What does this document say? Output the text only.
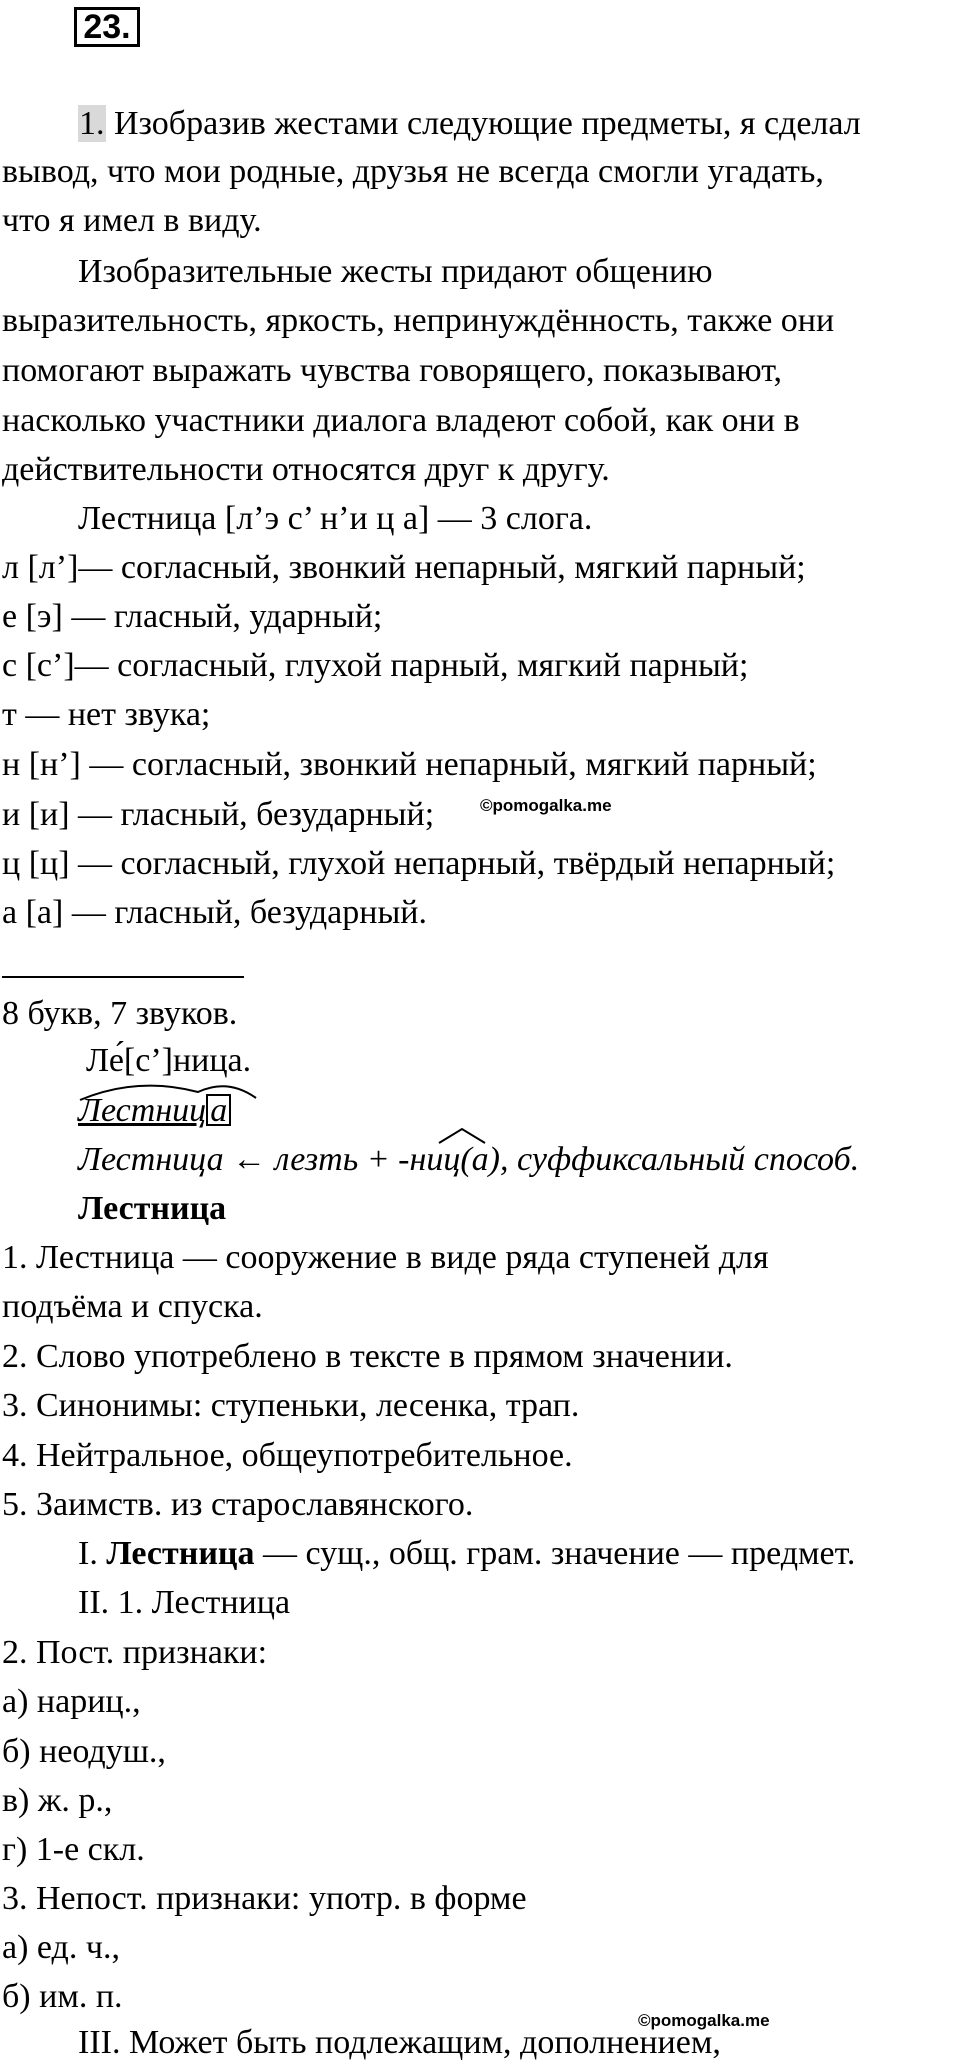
23.
1. Изобразив жестами следующие предметы, я сделал
вывод, что мои родные, друзья не всегда смогли угадать,
что я имел в виду.
Изобразительные жесты придают общению
выразительность, яркость, непринуждённость, также они
помогают выражать чувства говорящего, показывают,
насколько участники диалога владеют собой, как они в
действительности относятся друг к другу.
Лестница [л’э с’ н’и ц а] — 3 слога.
л [л’]— согласный, звонкий непарный, мягкий парный;
е [э] — гласный, ударный;
с [с’]— согласный, глухой парный, мягкий парный;
т — нет звука;
н [н’] — согласный, звонкий непарный, мягкий парный;
и [и] — гласный, безударный;	©pomogalka.me
ц [ц] — согласный, глухой непарный, твёрдый непарный;
а [а] — гласный, безударный.
8 букв, 7 звуков.
Ле́[с’]ница.
Лестниц а
Лестница ← лезть + -ниц(а), суффиксальный способ.
Лестница
1. Лестница — сооружение в виде ряда ступеней для
подъёма и спуска.
2. Слово употреблено в тексте в прямом значении.
3. Синонимы: ступеньки, лесенка, трап.
4. Нейтральное, общеупотребительное.
5. Заимств. из старославянского.
I. Лестница — сущ., общ. грам. значение — предмет.
II. 1. Лестница
2. Пост. признаки:
а) нариц.,
б) неодуш.,
в) ж. р.,
г) 1-е скл.
3. Непост. признаки: употр. в форме
а) ед. ч.,
б) им. п.
©pomogalka.me
III. Может быть подлежащим, дополнением,
